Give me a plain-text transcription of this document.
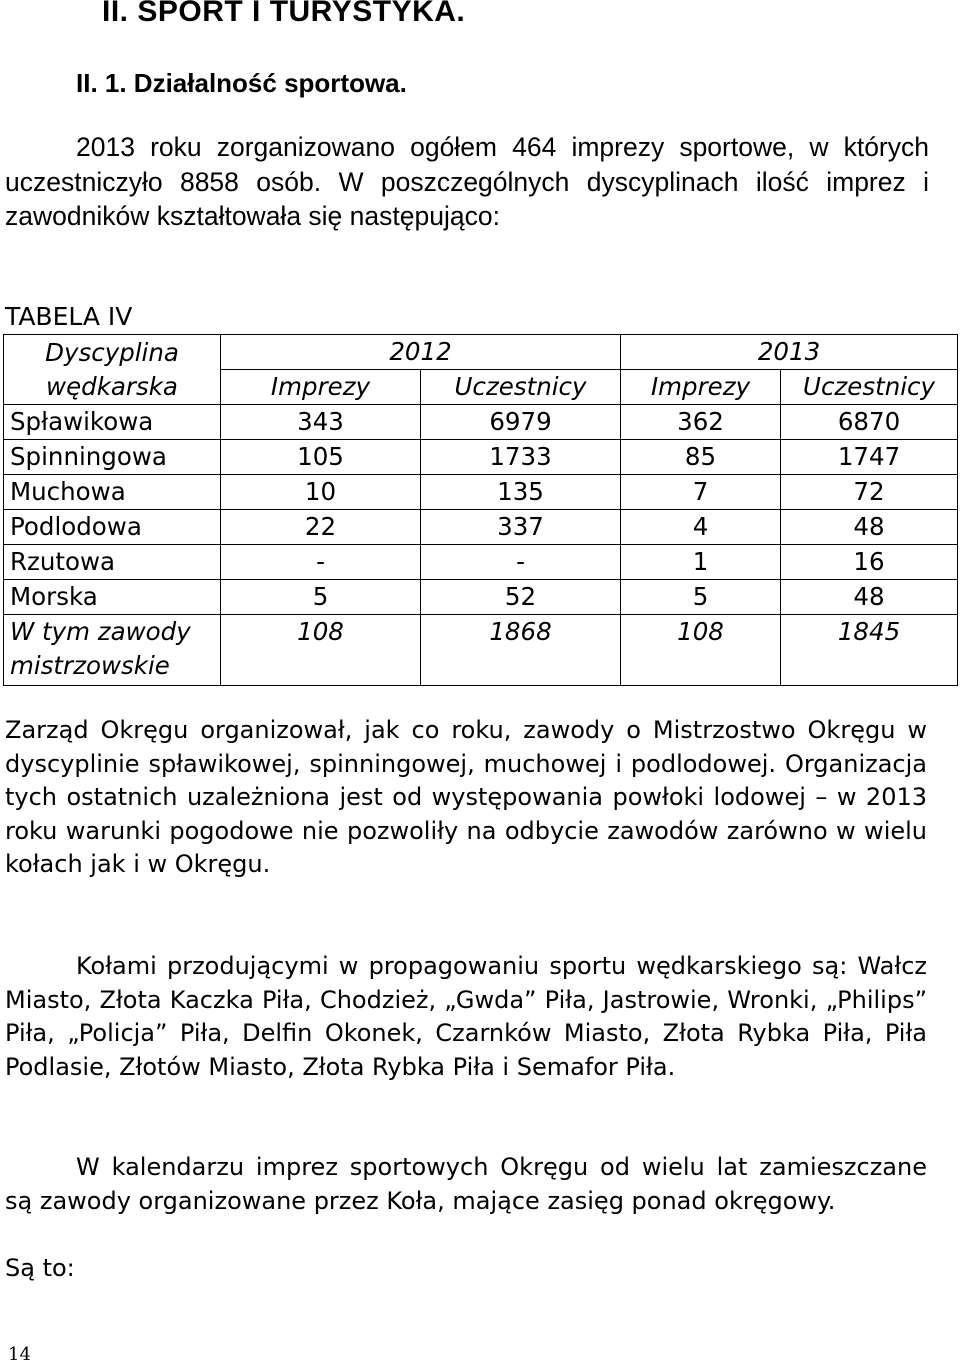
II. SPORT I TURYSTYKA.
II. 1. Działalność sportowa.

2013 roku zorganizowano ogółem 464 imprezy sportowe, w których uczestniczyło 8858 osób. W poszczególnych dyscyplinach ilość imprez i zawodników kształtowała się następująco:

TABELA IV

Dyscyplina
wędkarska	2012		2013	
	Imprezy	Uczestnicy	Imprezy	Uczestnicy
Spławikowa	343	6979	362	6870
Spinningowa	105	1733	85	1747
Muchowa	10	135	7	72
Podlodowa	22	337	4	48
Rzutowa	-	-	1	16
Morska	5	52	5	48

W tym zawody
mistrzowskie	108	1868	108	1845

Zarząd Okręgu organizował, jak co roku, zawody o Mistrzostwo Okręgu w dyscyplinie spławikowej, spinningowej, muchowej i podlodowej. Organizacja tych ostatnich uzależniona jest od występowania powłoki lodowej – w 2013 roku warunki pogodowe nie pozwoliły na odbycie zawodów zarówno w wielu kołach jak i w Okręgu.

Kołami przodującymi w propagowaniu sportu wędkarskiego są: Wałcz Miasto, Złota Kaczka Piła, Chodzież, „Gwda” Piła, Jastrowie, Wronki, „Philips” Piła, „Policja” Piła, Delfin Okonek, Czarnków Miasto, Złota Rybka Piła, Piła Podlasie, Złotów Miasto, Złota Rybka Piła i Semafor Piła.

W kalendarzu imprez sportowych Okręgu od wielu lat zamieszczane są zawody organizowane przez Koła, mające zasięg ponad okręgowy.

Są to:

14
